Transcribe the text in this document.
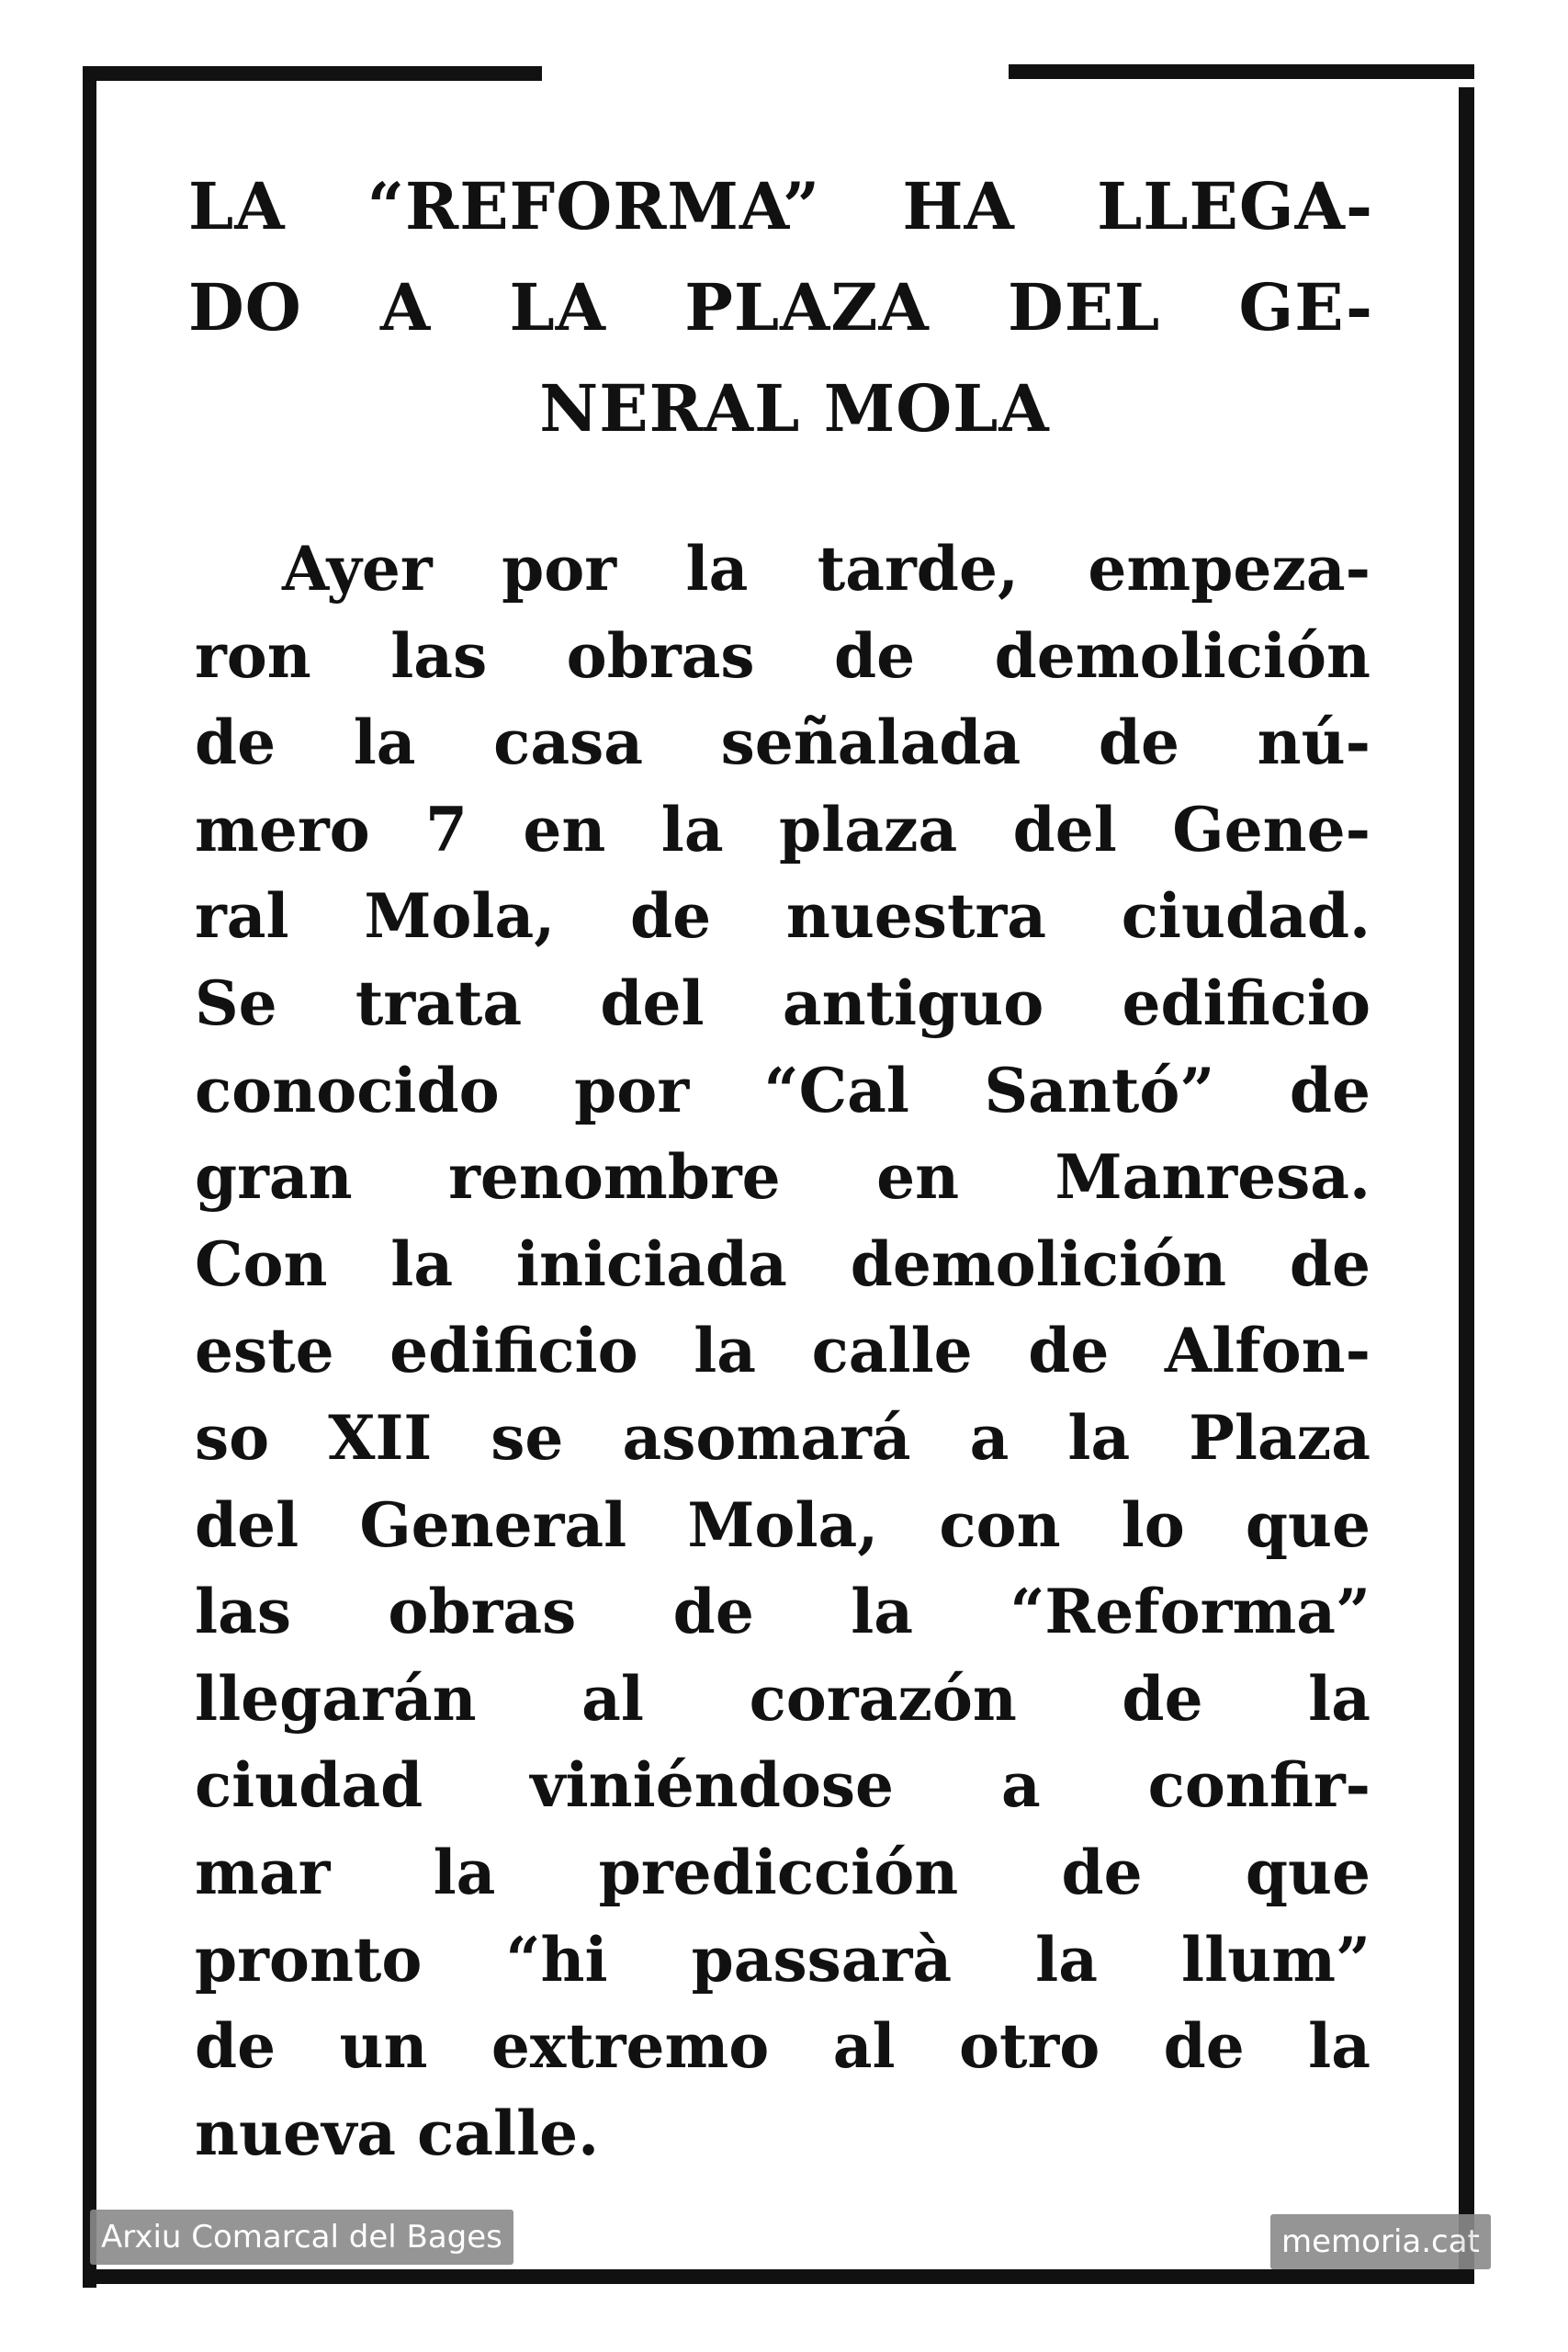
LA “REFORMA” HA LLEGA-
DO A LA PLAZA DEL GE-
NERAL MOLA
Ayer por la tarde, empeza-
ron las obras de demolición
de la casa señalada de nú-
mero 7 en la plaza del Gene-
ral Mola, de nuestra ciudad.
Se trata del antiguo edificio
conocido por “Cal Santó” de
gran renombre en Manresa.
Con la iniciada demolición de
este edificio la calle de Alfon-
so XII se asomará a la Plaza
del General Mola, con lo que
las obras de la “Reforma”
llegarán al corazón de la
ciudad viniéndose a confir-
mar la predicción de que
pronto “hi passarà la llum”
de un extremo al otro de la
nueva calle.
Arxiu Comarcal del Bages	memoria.cat
